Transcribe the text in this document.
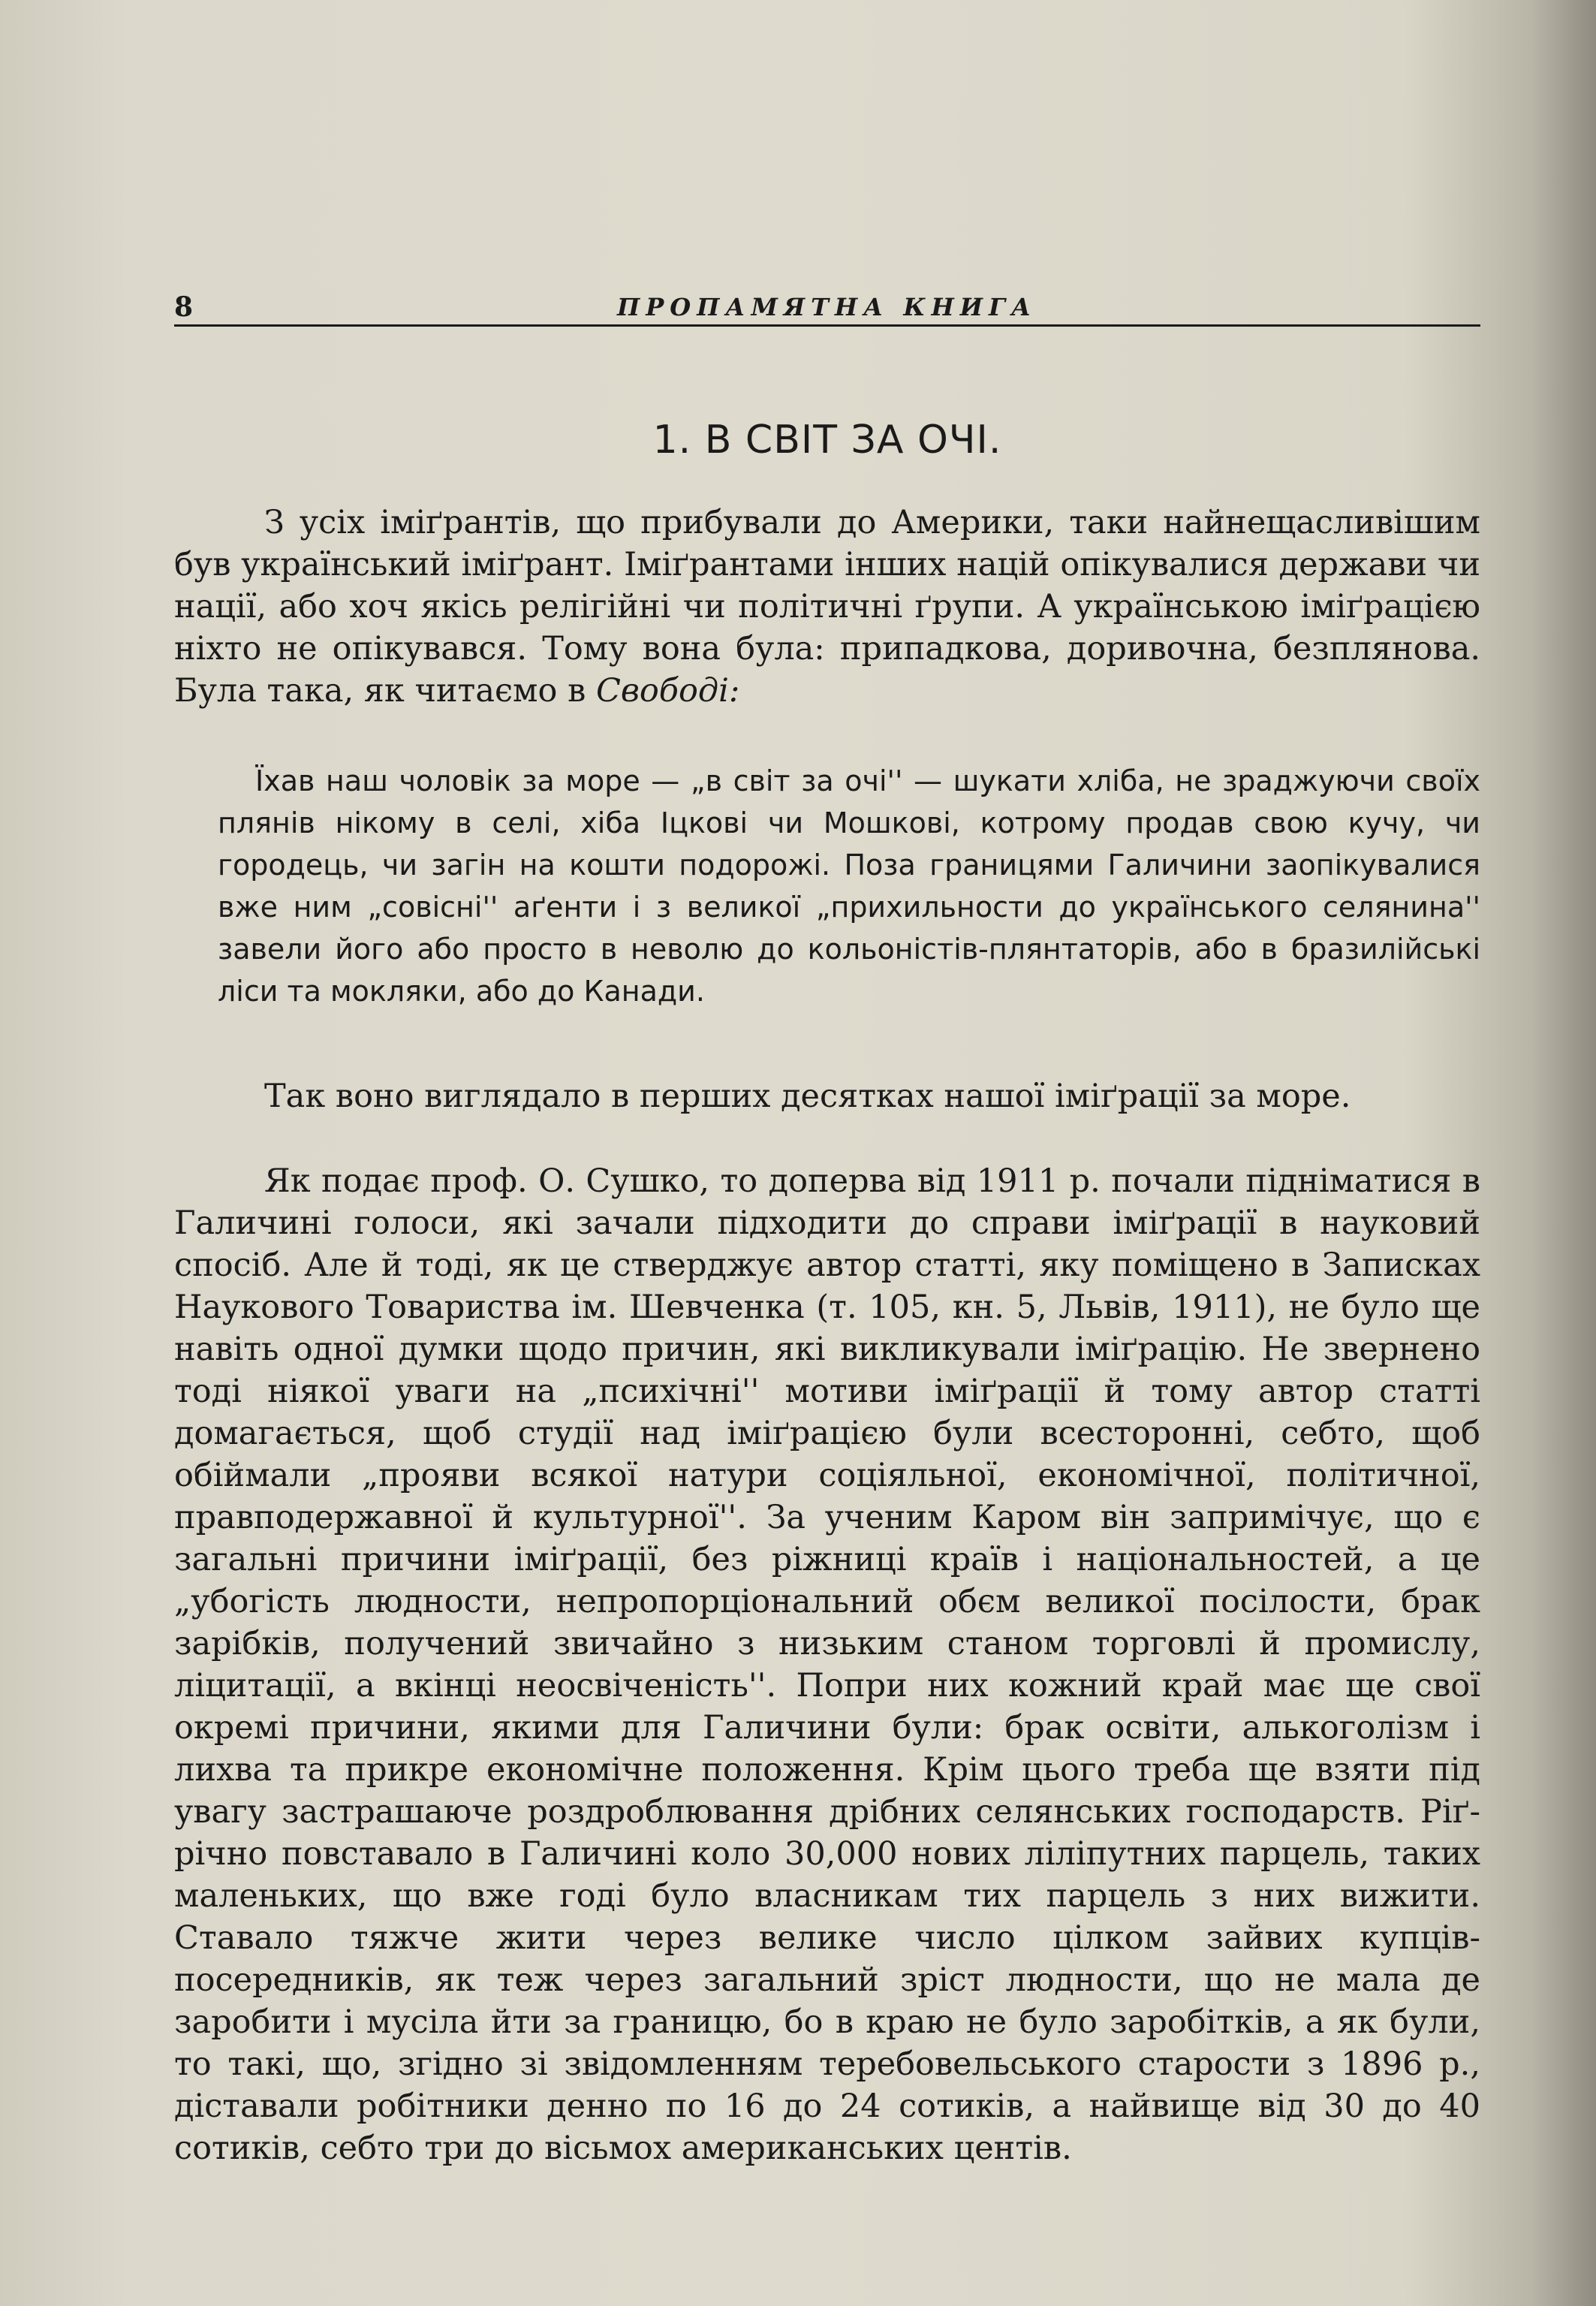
8	ПРОПАМЯТНА КНИГА
1. В СВІТ ЗА ОЧІ.

З усіх іміґрантів, що прибували до Америки, таки найнещасливішим був український іміґрант. Іміґрантами інших націй опікувалися держави чи нації, або хоч якісь релігійні чи політичні ґрупи. А українською іміґрацією ніхто не опікувався. Тому вона була: припадкова, доривочна, безплянова. Була така, як читаємо в Свободі:

Їхав наш чоловік за море — „в світ за очі'' — шукати хліба, не зраджуючи своїх плянів нікому в селі, хіба Іцкові чи Мошкові, котрому продав свою кучу, чи городець, чи загін на кошти подорожі. Поза границями Галичини заопікувалися вже ним „совісні'' аґенти і з великої „прихильности до українського селянина'' завели його або просто в неволю до кольоністів-плянтаторів, або в бразилійські ліси та мокляки, або до Канади.

Так воно виглядало в перших десятках нашої іміґрації за море.

Як подає проф. О. Сушко, то доперва від 1911 р. почали підніматися в Галичині голоси, які зачали підходити до справи іміґрації в науковий спосіб. Але й тоді, як це стверджує автор статті, яку поміщено в Записках Наукового Товариства ім. Шевченка (т. 105, кн. 5, Львів, 1911), не було ще навіть одної думки щодо причин, які викликували іміґрацію. Не звернено тоді ніякої уваги на „психічні'' мотиви іміґрації й тому автор статті домагається, щоб студії над іміґрацією були всесторонні, себто, щоб обіймали „прояви всякої натури соціяльної, економічної, політичної, правподержавної й культурної''. За ученим Каром він запримічує, що є загальні причини іміґрації, без ріжниці країв і національностей, а це „убогість людности, непропорціональний обєм великої посілости, брак зарібків, получений звичайно з низьким станом торговлі й промислу, ліцитації, а вкінці неосвіченість''. Попри них кожний край має ще свої окремі причини, якими для Галичини були: брак освіти, алькоголізм і лихва та прикре економічне положення. Крім цього треба ще взяти під увагу застрашаюче роздроблювання дрібних селянських господарств. Ріґ-річно повставало в Галичині коло 30,000 нових ліліпутних парцель, таких маленьких, що вже годі було власникам тих парцель з них вижити. Ставало тяжче жити через велике число цілком зайвих купців-посередників, як теж через загальний зріст людности, що не мала де заробити і мусіла йти за границю, бо в краю не було заробітків, а як були, то такі, що, згідно зі звідомленням теребовельського старости з 1896 р., діставали робітники денно по 16 до 24 сотиків, а найвище від 30 до 40 сотиків, себто три до вісьмох американських центів.
